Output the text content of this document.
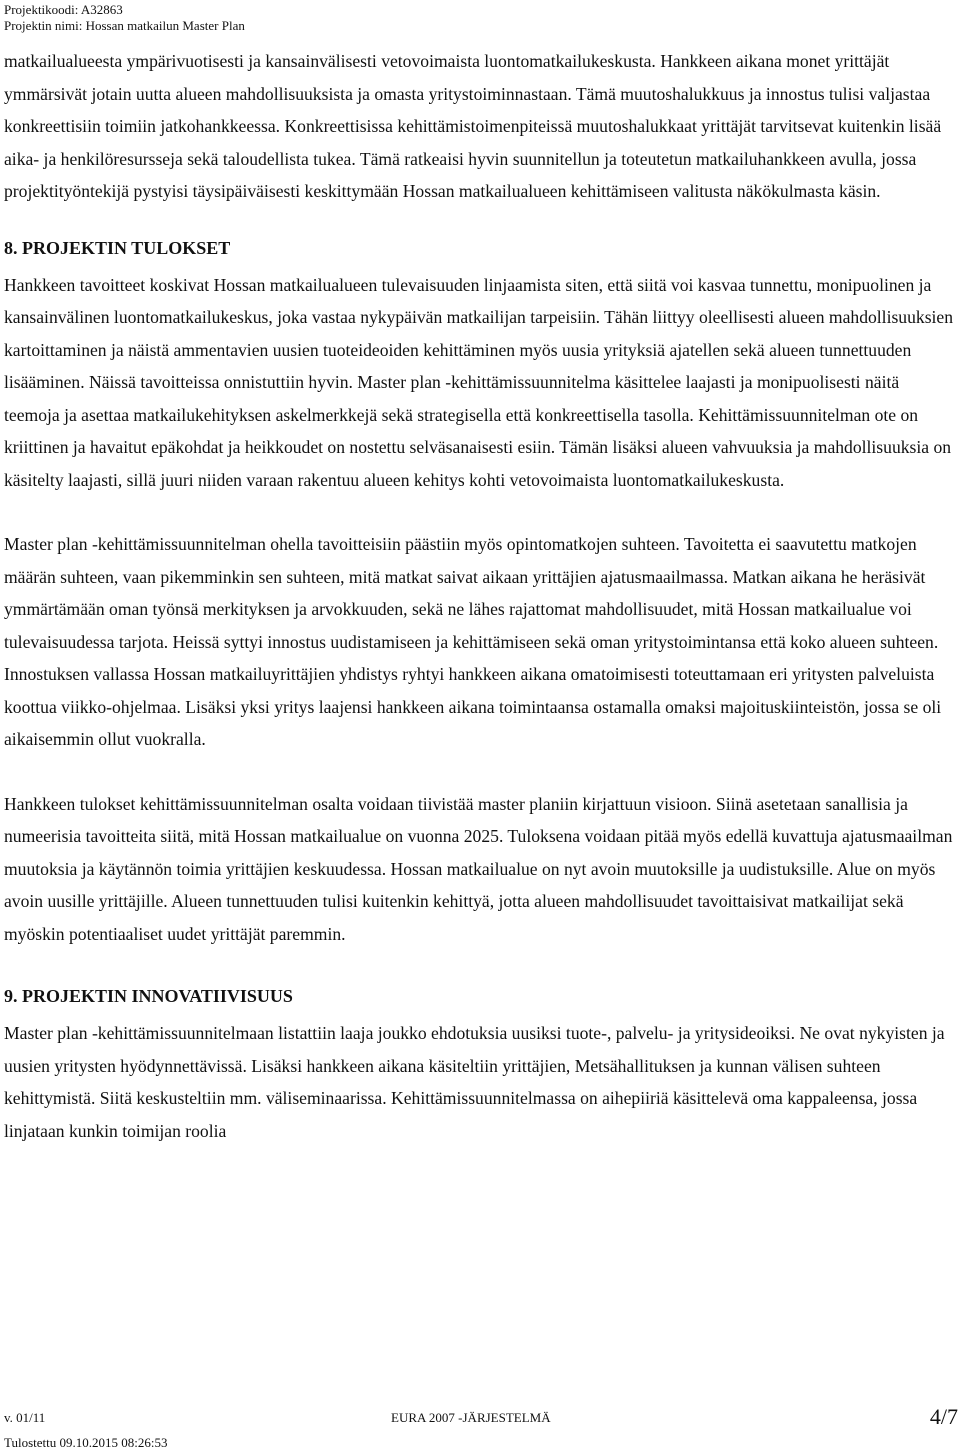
Projektikoodi: A32863
Projektin nimi: Hossan matkailun Master Plan

matkailualueesta ympärivuotisesti ja kansainvälisesti vetovoimaista luontomatkailukeskusta. Hankkeen aikana monet yrittäjät ymmärsivät jotain uutta alueen mahdollisuuksista ja omasta yritystoiminnastaan. Tämä muutoshalukkuus ja innostus tulisi valjastaa konkreettisiin toimiin jatkohankkeessa. Konkreettisissa kehittämistoimenpiteissä muutoshalukkaat yrittäjät tarvitsevat kuitenkin lisää aika- ja henkilöresursseja sekä taloudellista tukea. Tämä ratkeaisi hyvin suunnitellun ja toteutetun matkailuhankkeen avulla, jossa projektityöntekijä pystyisi täysipäiväisesti keskittymään Hossan matkailualueen kehittämiseen valitusta näkökulmasta käsin.

8. PROJEKTIN TULOKSET

Hankkeen tavoitteet koskivat Hossan matkailualueen tulevaisuuden linjaamista siten, että siitä voi kasvaa tunnettu, monipuolinen ja kansainvälinen luontomatkailukeskus, joka vastaa nykypäivän matkailijan tarpeisiin. Tähän liittyy oleellisesti alueen mahdollisuuksien kartoittaminen ja näistä ammentavien uusien tuoteideoiden kehittäminen myös uusia yrityksiä ajatellen sekä alueen tunnettuuden lisääminen. Näissä tavoitteissa onnistuttiin hyvin. Master plan -kehittämissuunnitelma käsittelee laajasti ja monipuolisesti näitä teemoja ja asettaa matkailukehityksen askelmerkkejä sekä strategisella että konkreettisella tasolla. Kehittämissuunnitelman ote on kriittinen ja havaitut epäkohdat ja heikkoudet on nostettu selväsanaisesti esiin. Tämän lisäksi alueen vahvuuksia ja mahdollisuuksia on käsitelty laajasti, sillä juuri niiden varaan rakentuu alueen kehitys kohti vetovoimaista luontomatkailukeskusta.

Master plan -kehittämissuunnitelman ohella tavoitteisiin päästiin myös opintomatkojen suhteen. Tavoitetta ei saavutettu matkojen määrän suhteen, vaan pikemminkin sen suhteen, mitä matkat saivat aikaan yrittäjien ajatusmaailmassa. Matkan aikana he heräsivät ymmärtämään oman työnsä merkityksen ja arvokkuuden, sekä ne lähes rajattomat mahdollisuudet, mitä Hossan matkailualue voi tulevaisuudessa tarjota. Heissä syttyi innostus uudistamiseen ja kehittämiseen sekä oman yritystoimintansa että koko alueen suhteen. Innostuksen vallassa Hossan matkailuyrittäjien yhdistys ryhtyi hankkeen aikana omatoimisesti toteuttamaan eri yritysten palveluista koottua viikko-ohjelmaa. Lisäksi yksi yritys laajensi hankkeen aikana toimintaansa ostamalla omaksi majoituskiinteistön, jossa se oli aikaisemmin ollut vuokralla.

Hankkeen tulokset kehittämissuunnitelman osalta voidaan tiivistää master planiin kirjattuun visioon. Siinä asetetaan sanallisia ja numeerisia tavoitteita siitä, mitä Hossan matkailualue on vuonna 2025. Tuloksena voidaan pitää myös edellä kuvattuja ajatusmaailman muutoksia ja käytännön toimia yrittäjien keskuudessa. Hossan matkailualue on nyt avoin muutoksille ja uudistuksille. Alue on myös avoin uusille yrittäjille. Alueen tunnettuuden tulisi kuitenkin kehittyä, jotta alueen mahdollisuudet tavoittaisivat matkailijat sekä myöskin potentiaaliset uudet yrittäjät paremmin.

9. PROJEKTIN INNOVATIIVISUUS

Master plan -kehittämissuunnitelmaan listattiin laaja joukko ehdotuksia uusiksi tuote-, palvelu- ja yritysideoiksi. Ne ovat nykyisten ja uusien yritysten hyödynnettävissä. Lisäksi hankkeen aikana käsiteltiin yrittäjien, Metsähallituksen ja kunnan välisen suhteen kehittymistä. Siitä keskusteltiin mm. väliseminaarissa. Kehittämissuunnitelmassa on aihepiiriä käsittelevä oma kappaleensa, jossa linjataan kunkin toimijan roolia

v. 01/11	EURA 2007 -JÄRJESTELMÄ	4/7
Tulostettu 09.10.2015 08:26:53
